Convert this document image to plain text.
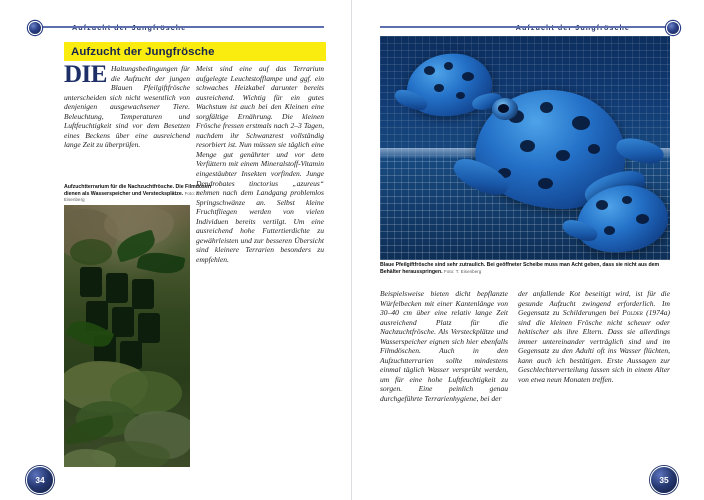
Aufzucht der Jungfrösche
DIE Haltungsbedingungen für die Aufzucht der jungen Blauen Pfeilgiftfrösche unterscheiden sich nicht wesentlich von denjenigen ausgewachsener Tiere. Beleuchtung, Temperaturen und Luftfeuchtigkeit sind vor dem Besetzen eines Beckens über eine ausreichend lange Zeit zu überprüfen.
Aufzuchtterrarium für die Nachzuchtfrösche. Die Filmdosen dienen als Wasserspeicher und Verstecksplätze. Foto: T. Eisenberg
Meist sind eine auf das Terrarium aufgelegte Leuchtstofflampe und ggf. ein schwaches Heizkabel darunter bereits ausreichend. Wichtig für ein gutes Wachstum ist auch bei den Kleinen eine sorgfältige Ernährung. Die kleinen Frösche fressen erstmals nach 2–3 Tagen, nachdem ihr Schwanzrest vollständig resorbiert ist. Nun müssen sie täglich eine Menge gut genährter und vor dem Verfüttern mit einem Mineralstoff-Vitamin eingestäubter Insekten vorfinden. Junge Dendrobates tinctorius „azureus“ nehmen nach dem Landgang problemlos Springschwänze an. Selbst kleine Fruchtfliegen werden von vielen Individuen bereits vertilgt. Um eine ausreichend hohe Futtertierdichte zu gewährleisten und zur besseren Übersicht sind kleinere Terrarien besonders zu empfehlen.
34
Blaue Pfeilgiftfrösche sind sehr zutraulich. Bei geöffneter Scheibe muss man Acht geben, dass sie nicht aus dem Behälter herausspringen. Foto: T. Eisenberg
Beispielsweise bieten dicht bepflanzte Würfelbecken mit einer Kantenlänge von 30–40 cm über eine relativ lange Zeit ausreichend Platz für die Nachzuchtfrösche. Als Versteckplätze und Wasserspeicher eignen sich hier ebenfalls Filmdöschen. Auch in den Aufzuchtterrarien sollte mindestens einmal täglich Wasser versprüht werden, um für eine hohe Luftfeuchtigkeit zu sorgen. Eine peinlich genau durchgeführte Terrarienhygiene, bei der
der anfallende Kot beseitigt wird, ist für die gesunde Aufzucht zwingend erforderlich. Im Gegensatz zu Schilderungen bei Polder (1974a) sind die kleinen Frösche nicht scheuer oder hektischer als ihre Eltern. Dass sie allerdings immer untereinander verträglich sind und im Gegensatz zu den Adulti oft ins Wasser flüchten, kann auch ich bestätigen. Erste Aussagen zur Geschlechterverteilung lassen sich in einem Alter von etwa neun Monaten treffen.
35
